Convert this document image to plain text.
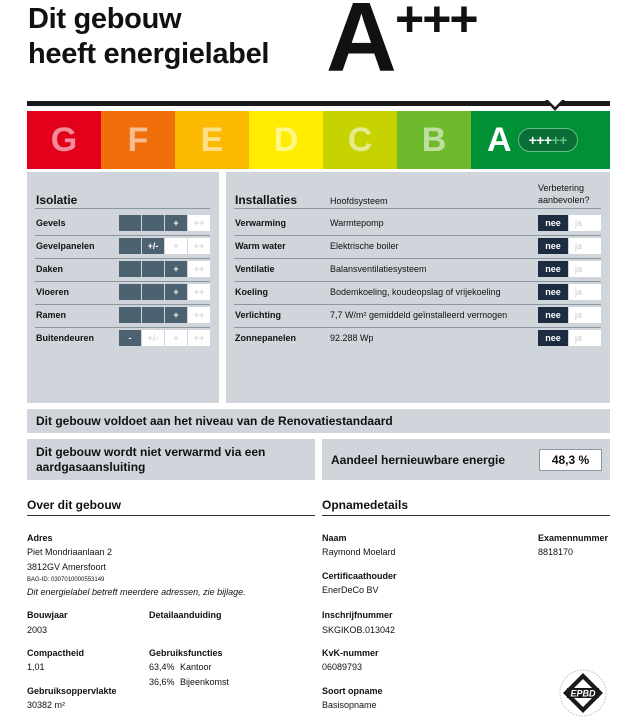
Dit gebouw
heeft energielabel A
+++
G F E D C B A +++ ++
Isolatie
Gevels	+	++
Gevelpanelen	+/-	+	++
Daken	+	++
Vloeren	+	++
Ramen	+	++
Buitendeuren	-	+/-	+	++
Installaties	Hoofdsysteem
Verbetering
aanbevolen?
Verwarming	Warmtepomp	nee	ja
Warm water	Elektrische boiler	nee	ja
Ventilatie	Balansventilatiesysteem	nee	ja
Koeling	Bodemkoeling, koudeopslag of vrijekoeling	nee	ja
Verlichting	7,7 W/m² gemiddeld geïnstalleerd vermogen	nee	ja
Zonnepanelen	92.288 Wp	nee	ja
Dit gebouw voldoet aan het niveau van de Renovatiestandaard
Dit gebouw wordt niet verwarmd via een
aardgasaansluiting	Aandeel hernieuwbare energie	48,3 %
Over dit gebouw
Adres
Piet Mondriaanlaan 2
3812GV Amersfoort
BAG-ID: 0307010000553149
Dit energielabel betreft meerdere adressen, zie bijlage.
Bouwjaar
2003
Detailaanduiding
Compactheid
1,01
Gebruiksfuncties
63,4% Kantoor
36,6% Bijeenkomst
Gebruiksoppervlakte
30382 m²
Opnamedetails
Naam
Raymond Moelard
Examennummer
8818170
Certificaathouder
EnerDeCo BV
Inschrijfnummer
SKGIKOB.013042
KvK-nummer
06089793
Soort opname
Basisopname
EPBD
